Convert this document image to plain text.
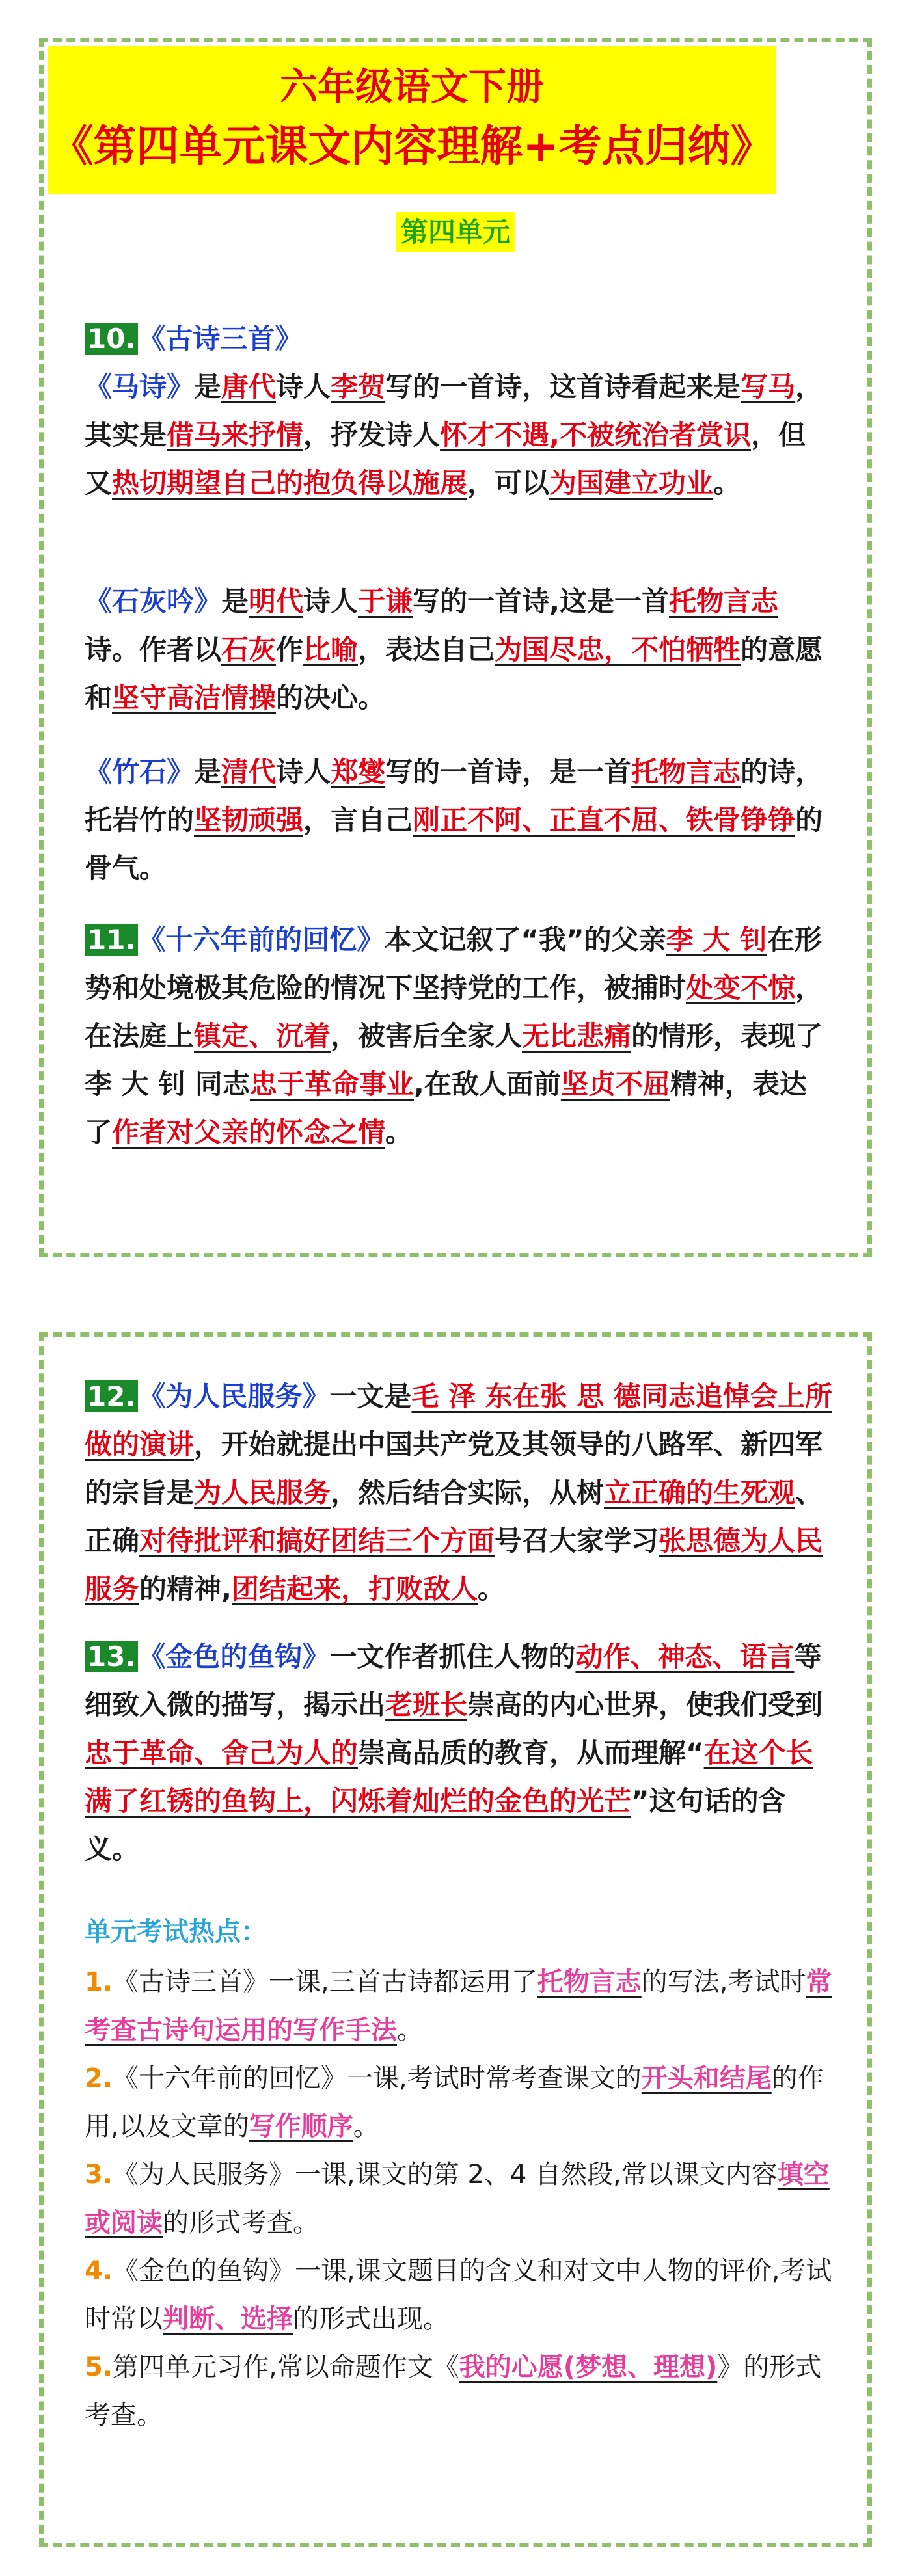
六年级语文下册
《第四单元课文内容理解+考点归纳》
第四单元
10.《古诗三首》
《马诗》是唐代诗人李贺写的一首诗，这首诗看起来是写马，其实是借马来抒情，抒发诗人怀才不遇,不被统治者赏识，但又热切期望自己的抱负得以施展，可以为国建立功业。
《石灰吟》是明代诗人于谦写的一首诗,这是一首托物言志诗。作者以石灰作比喻，表达自己为国尽忠，不怕牺牲的意愿和坚守高洁情操的决心。
《竹石》是清代诗人郑燮写的一首诗，是一首托物言志的诗，托岩竹的坚韧顽强，言自己刚正不阿、正直不屈、铁骨铮铮的骨气。
11.《十六年前的回忆》本文记叙了“我”的父亲李 大 钊在形势和处境极其危险的情况下坚持党的工作，被捕时处变不惊，在法庭上镇定、沉着，被害后全家人无比悲痛的情形，表现了 李 大 钊 同志忠于革命事业,在敌人面前坚贞不屈精神，表达了作者对父亲的怀念之情。
12.《为人民服务》一文是毛 泽 东在张 思 德同志追悼会上所做的演讲，开始就提出中国共产党及其领导的八路军、新四军的宗旨是为人民服务，然后结合实际，从树立正确的生死观、正确对待批评和搞好团结三个方面号召大家学习张思德为人民服务的精神,团结起来，打败敌人。
13.《金色的鱼钩》一文作者抓住人物的动作、神态、语言等细致入微的描写，揭示出老班长崇高的内心世界，使我们受到忠于革命、舍己为人的崇高品质的教育，从而理解“在这个长满了红锈的鱼钩上，闪烁着灿烂的金色的光芒”这句话的含义。
单元考试热点：
1.《古诗三首》一课,三首古诗都运用了托物言志的写法,考试时常考查古诗句运用的写作手法。
2.《十六年前的回忆》一课,考试时常考查课文的开头和结尾的作用,以及文章的写作顺序。
3.《为人民服务》一课,课文的第 2、4 自然段,常以课文内容填空或阅读的形式考查。
4.《金色的鱼钩》一课,课文题目的含义和对文中人物的评价,考试时常以判断、选择的形式出现。
5.第四单元习作,常以命题作文《我的心愿(梦想、理想)》的形式考查。
